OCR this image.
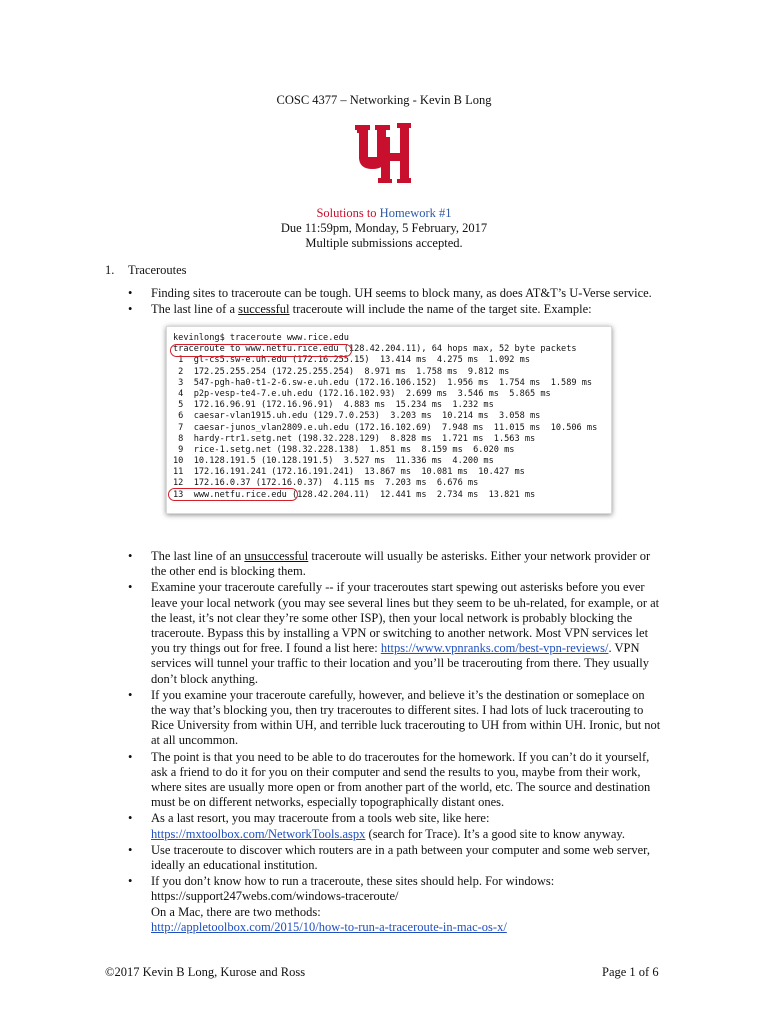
COSC 4377 – Networking - Kevin B Long
Solutions to Homework #1
Due 11:59pm, Monday, 5 February, 2017
Multiple submissions accepted.
1. Traceroutes
• Finding sites to traceroute can be tough. UH seems to block many, as does AT&T’s U-Verse service.
• The last line of a successful traceroute will include the name of the target site. Example:
kevinlong$ traceroute www.rice.edu
traceroute to www.netfu.rice.edu (128.42.204.11), 64 hops max, 52 byte packets
1  gl-cs5.sw-e.uh.edu (172.16.255.15)  13.414 ms  4.275 ms  1.092 ms
2  172.25.255.254 (172.25.255.254)  8.971 ms  1.758 ms  9.812 ms
3  547-pgh-ha0-t1-2-6.sw-e.uh.edu (172.16.106.152)  1.956 ms  1.754 ms  1.589 ms
4  p2p-vesp-te4-7.e.uh.edu (172.16.102.93)  2.699 ms  3.546 ms  5.865 ms
5  172.16.96.91 (172.16.96.91)  4.883 ms  15.234 ms  1.232 ms
6  caesar-vlan1915.uh.edu (129.7.0.253)  3.203 ms  10.214 ms  3.058 ms
7  caesar-junos_vlan2809.e.uh.edu (172.16.102.69)  7.948 ms  11.015 ms  10.506 ms
8  hardy-rtr1.setg.net (198.32.228.129)  8.828 ms  1.721 ms  1.563 ms
9  rice-1.setg.net (198.32.228.138)  1.851 ms  8.159 ms  6.020 ms
10  10.128.191.5 (10.128.191.5)  3.527 ms  11.336 ms  4.200 ms
11  172.16.191.241 (172.16.191.241)  13.867 ms  10.081 ms  10.427 ms
12  172.16.0.37 (172.16.0.37)  4.115 ms  7.203 ms  6.676 ms
13  www.netfu.rice.edu (128.42.204.11)  12.441 ms  2.734 ms  13.821 ms
• The last line of an unsuccessful traceroute will usually be asterisks. Either your network provider or the other end is blocking them.
• Examine your traceroute carefully -- if your traceroutes start spewing out asterisks before you ever leave your local network (you may see several lines but they seem to be uh-related, for example, or at the least, it’s not clear they’re some other ISP), then your local network is probably blocking the traceroute. Bypass this by installing a VPN or switching to another network. Most VPN services let you try things out for free. I found a list here: https://www.vpnranks.com/best-vpn-reviews/. VPN services will tunnel your traffic to their location and you’ll be tracerouting from there. They usually don’t block anything.
• If you examine your traceroute carefully, however, and believe it’s the destination or someplace on the way that’s blocking you, then try traceroutes to different sites. I had lots of luck tracerouting to Rice University from within UH, and terrible luck tracerouting to UH from within UH. Ironic, but not at all uncommon.
• The point is that you need to be able to do traceroutes for the homework. If you can’t do it yourself, ask a friend to do it for you on their computer and send the results to you, maybe from their work, where sites are usually more open or from another part of the world, etc. The source and destination must be on different networks, especially topographically distant ones.
• As a last resort, you may traceroute from a tools web site, like here: https://mxtoolbox.com/NetworkTools.aspx (search for Trace). It’s a good site to know anyway.
• Use traceroute to discover which routers are in a path between your computer and some web server, ideally an educational institution.
• If you don’t know how to run a traceroute, these sites should help. For windows: https://support247webs.com/windows-traceroute/
On a Mac, there are two methods:
http://appletoolbox.com/2015/10/how-to-run-a-traceroute-in-mac-os-x/
©2017 Kevin B Long, Kurose and Ross	Page 1 of 6
